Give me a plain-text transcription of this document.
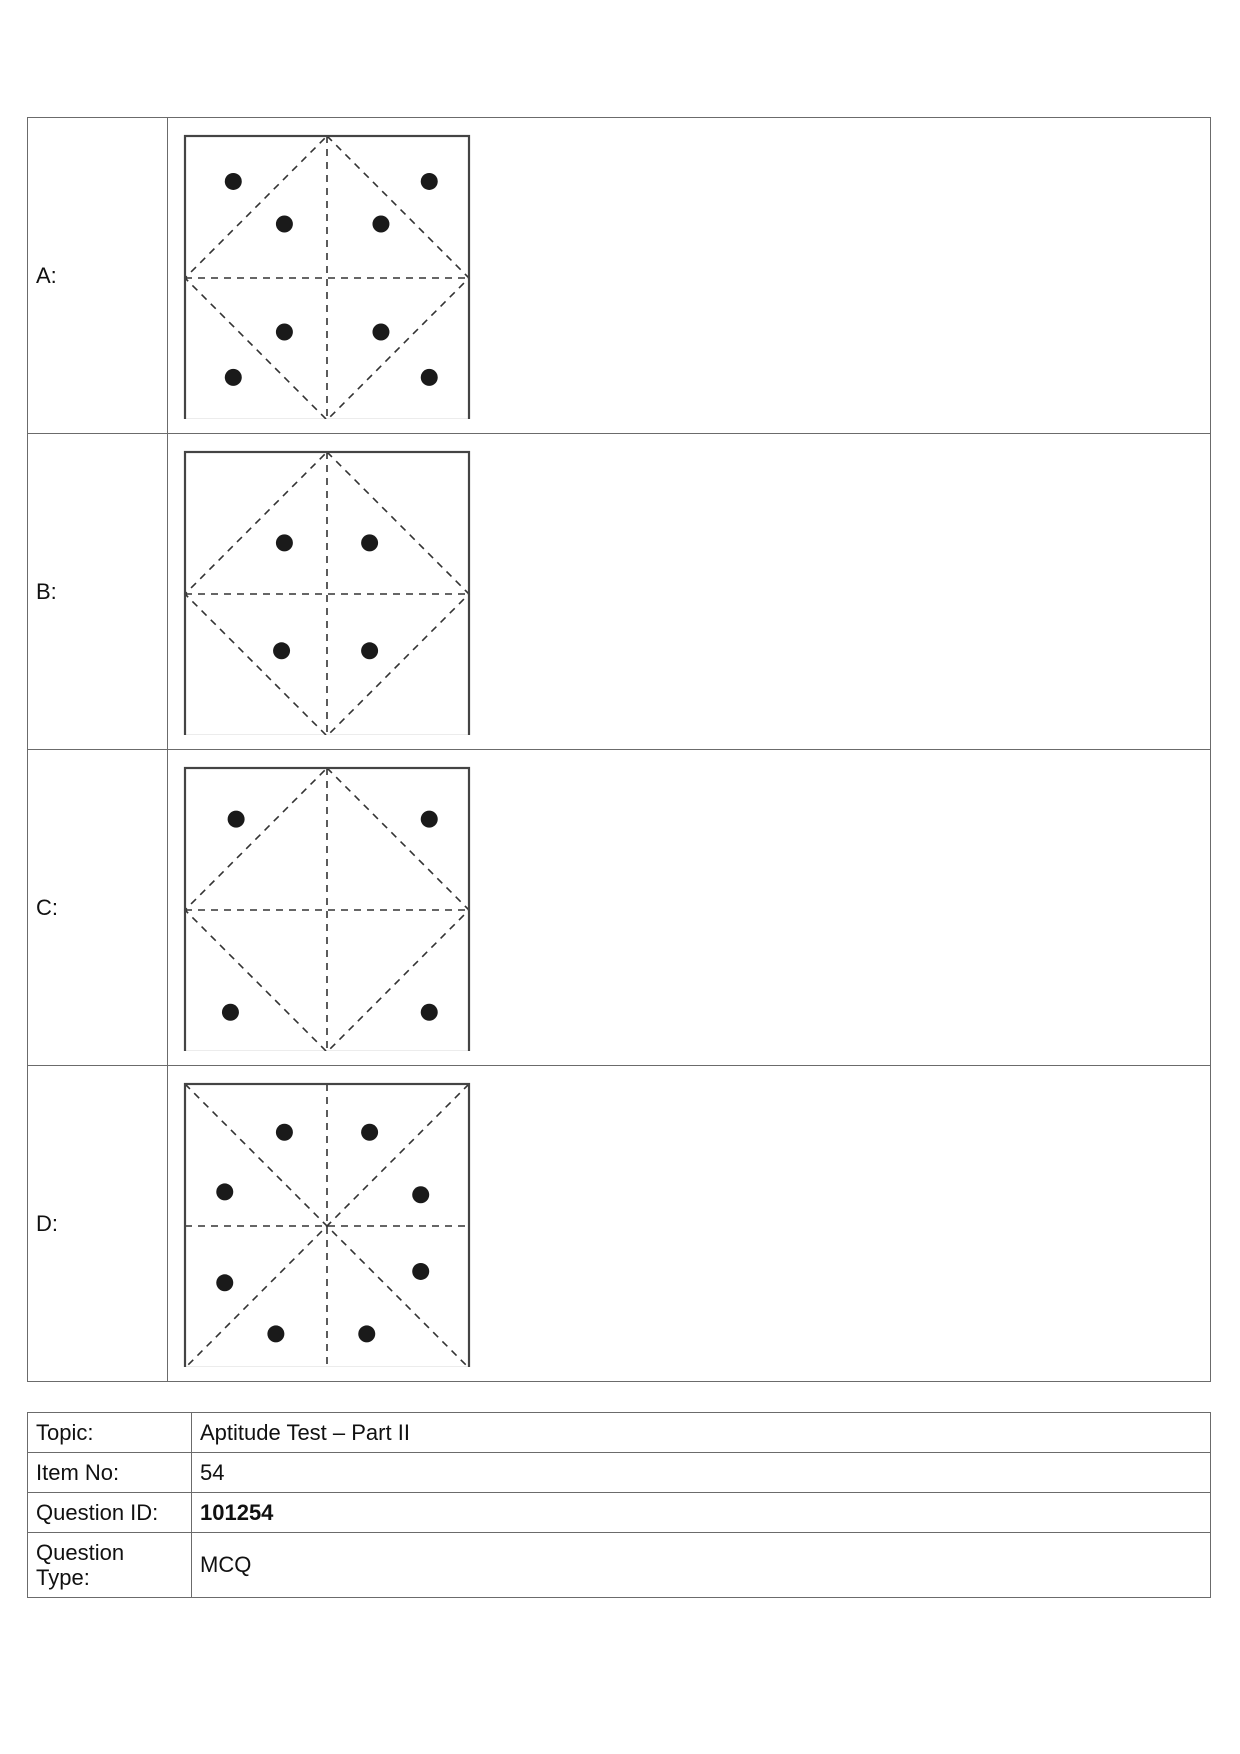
A:	

B:	

C:	

D:	
Topic:	Aptitude Test – Part II
Item No:	54
Question ID:	101254
Question Type:	MCQ
